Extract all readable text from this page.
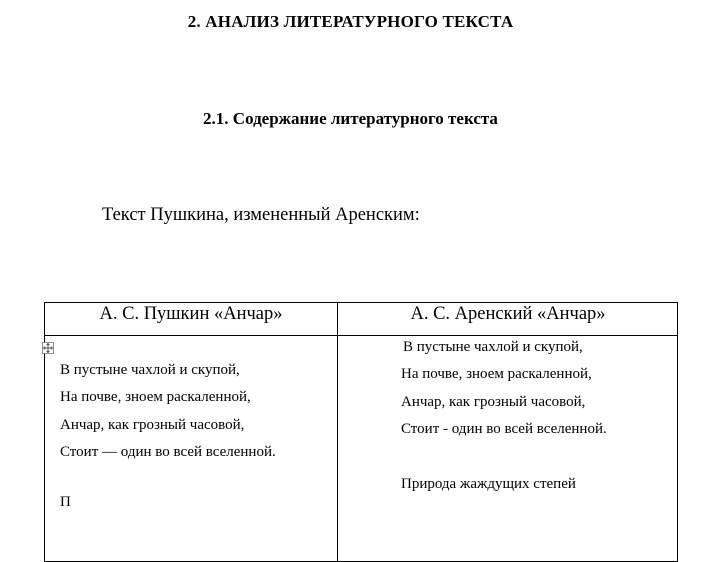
2. АНАЛИЗ ЛИТЕРАТУРНОГО ТЕКСТА
2.1. Содержание литературного текста
Текст Пушкина, измененный Аренским:
А. С. Пушкин «Анчар»	А. С. Аренский «Анчар»
В пустыне чахлой и скупой,
На почве, зноем раскаленной,
Анчар, как грозный часовой,
Стоит — один во всей вселенной.
П
В пустыне чахлой и скупой,
На почве, зноем раскаленной,
Анчар, как грозный часовой,
Стоит - один во всей вселенной.
Природа жаждущих степей
